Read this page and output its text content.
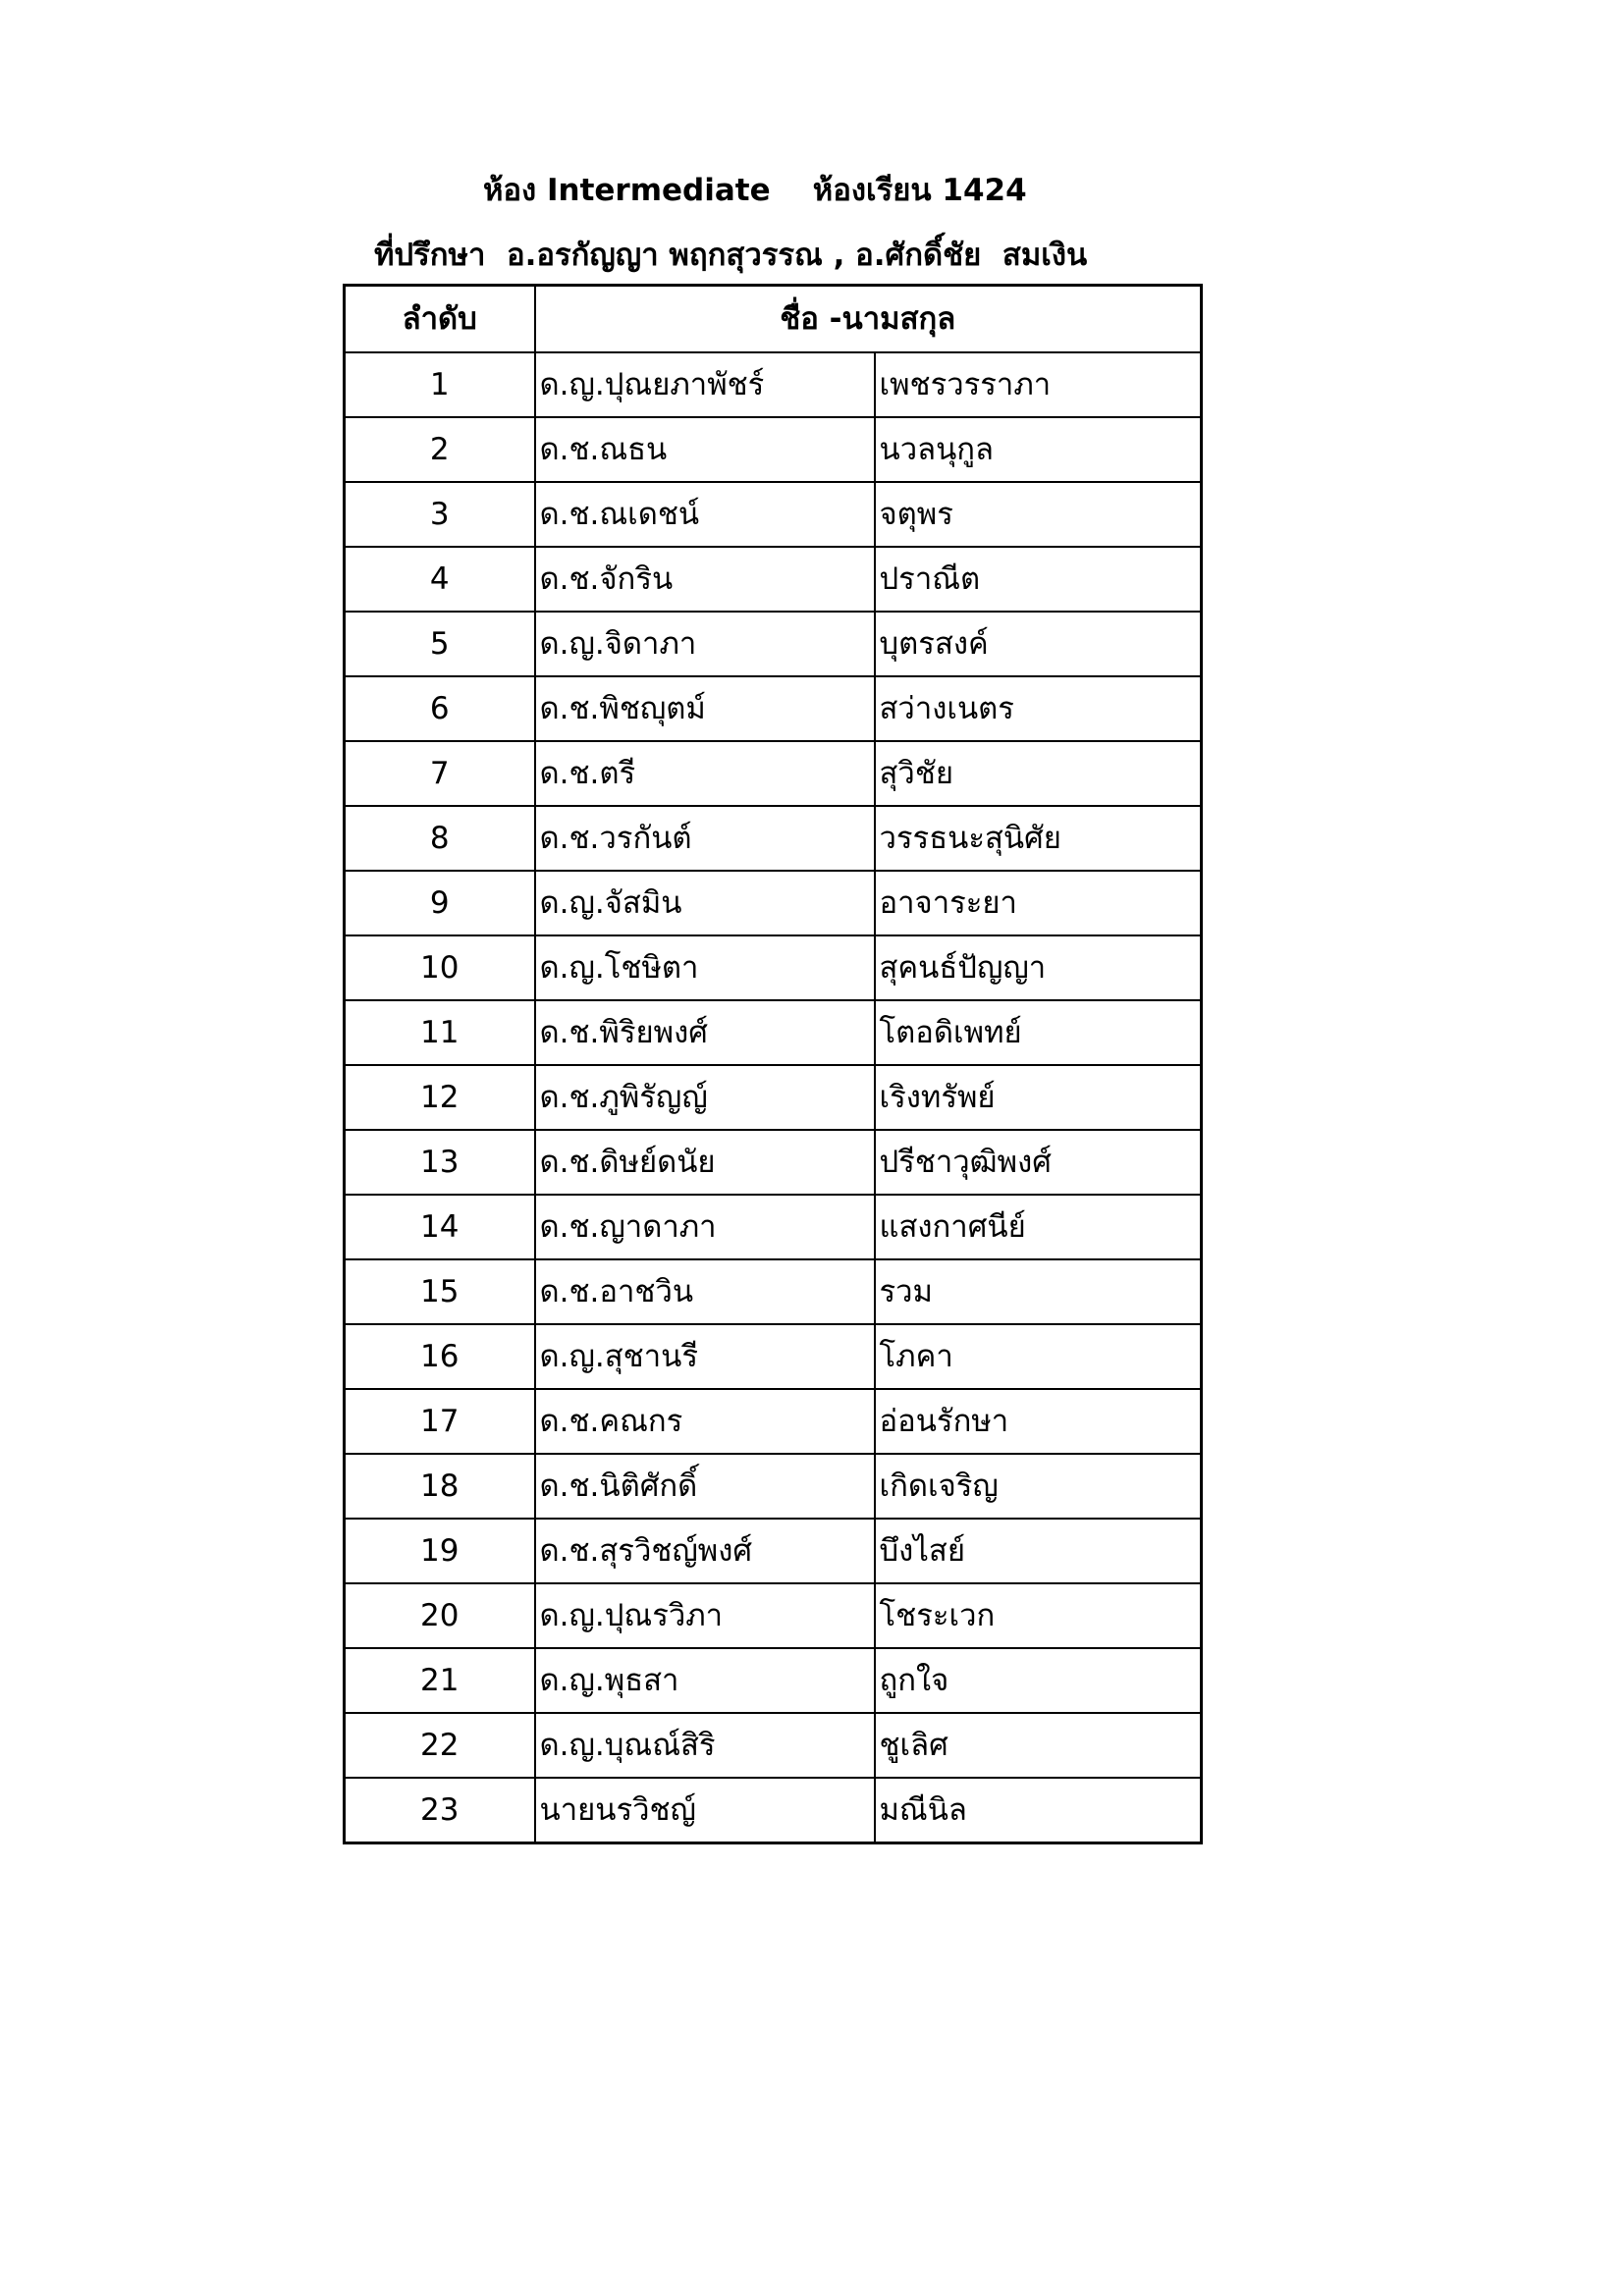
ห้อง Intermediate    ห้องเรียน 1424
ที่ปรึกษา  อ.อรกัญญา พฤกสุวรรณ , อ.ศักดิ์ชัย  สมเงิน
ลำดับ	ชื่อ -นามสกุล	
1	ด.ญ.ปุณยภาพัชร์	เพชรวรราภา
2	ด.ช.ณธน	นวลนุกูล
3	ด.ช.ณเดชน์	จตุพร
4	ด.ช.จักริน	ปราณีต
5	ด.ญ.จิดาภา	บุตรสงค์
6	ด.ช.พิชญุตม์	สว่างเนตร
7	ด.ช.ตรี	สุวิชัย
8	ด.ช.วรกันต์	วรรธนะสุนิศัย
9	ด.ญ.จัสมิน	อาจาระยา
10	ด.ญ.โชษิตา	สุคนธ์ปัญญา
11	ด.ช.พิริยพงศ์	โตอดิเพทย์
12	ด.ช.ภูพิรัญญ์	เริงทรัพย์
13	ด.ช.ดิษย์ดนัย	ปรีชาวุฒิพงศ์
14	ด.ช.ญาดาภา	แสงกาศนีย์
15	ด.ช.อาชวิน	รวม
16	ด.ญ.สุชานรี	โภคา
17	ด.ช.คณกร	อ่อนรักษา
18	ด.ช.นิติศักดิ์	เกิดเจริญ
19	ด.ช.สุรวิชญ์พงศ์	บึงไสย์
20	ด.ญ.ปุณรวิภา	โชระเวก
21	ด.ญ.พุธสา	ถูกใจ
22	ด.ญ.บุณณ์สิริ	ชูเลิศ
23	นายนรวิชญ์	มณีนิล
